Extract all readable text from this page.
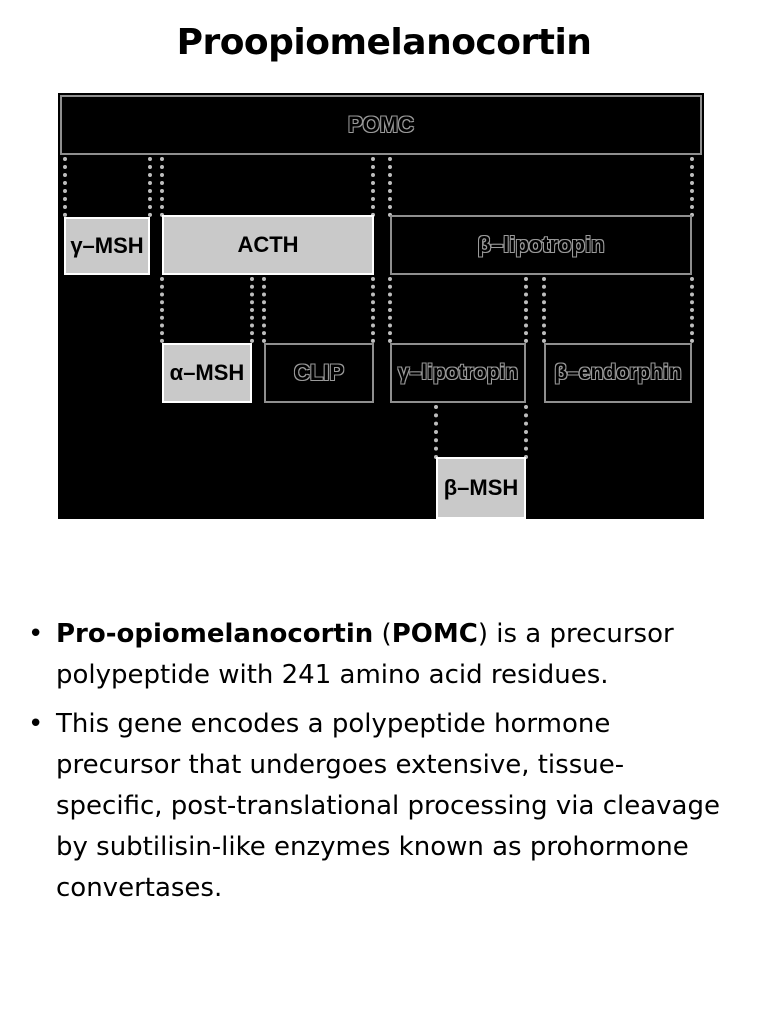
Proopiomelanocortin
POMC
γ–MSH	ACTH	β–lipotropin
α–MSH CLIP	γ–lipotropin β–endorphin
β–MSH
• Pro-opiomelanocortin (POMC) is a precursor polypeptide with 241 amino acid residues.
• This gene encodes a polypeptide hormone precursor that undergoes extensive, tissue-specific, post-translational processing via cleavage by subtilisin-like enzymes known as prohormone convertases.
